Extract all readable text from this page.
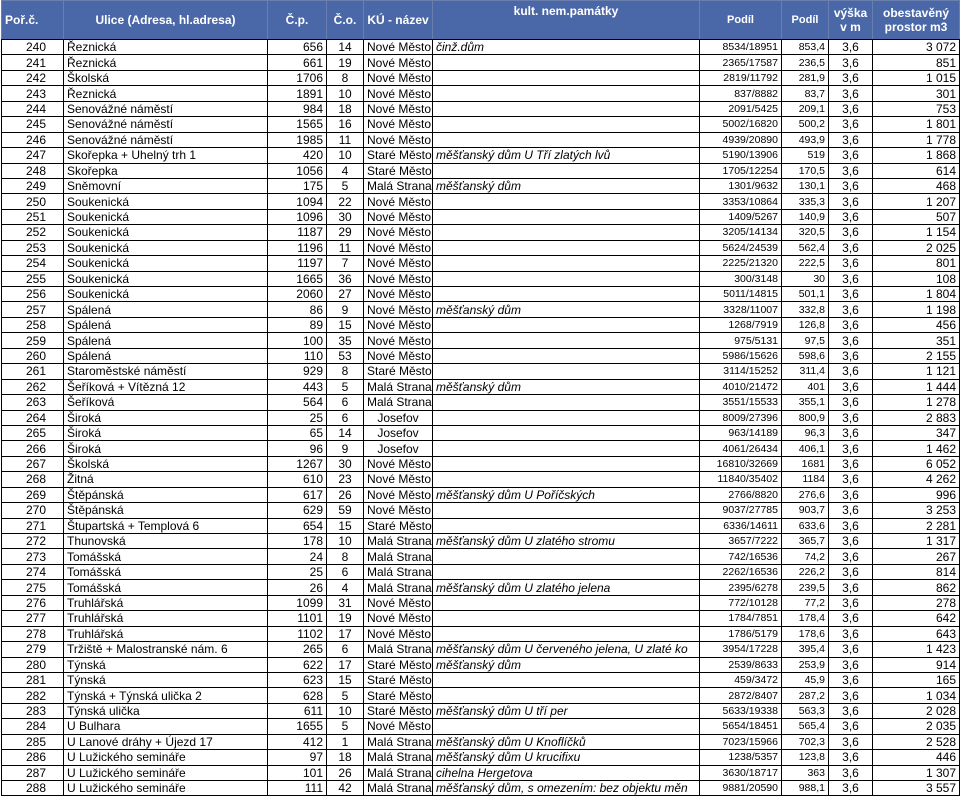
Poř.č.	Ulice (Adresa, hl.adresa)	Č.p.	Č.o.	KÚ - název	kult. nem.památky	Podíl	Podíl	výška v m	obestavěný prostor m3
240	Řeznická	656	14	Nové Město	činž.dům	8534/18951	853,4	3,6	3 072
241	Řeznická	661	19	Nové Město		2365/17587	236,5	3,6	851
242	Školská	1706	8	Nové Město		2819/11792	281,9	3,6	1 015
243	Řeznická	1891	10	Nové Město		837/8882	83,7	3,6	301
244	Senovážné náměstí	984	18	Nové Město		2091/5425	209,1	3,6	753
245	Senovážné náměstí	1565	16	Nové Město		5002/16820	500,2	3,6	1 801
246	Senovážné náměstí	1985	11	Nové Město		4939/20890	493,9	3,6	1 778
247	Skořepka + Uhelný trh 1	420	10	Staré Město	měšťanský dům U Tří zlatých lvů	5190/13906	519	3,6	1 868
248	Skořepka	1056	4	Staré Město		1705/12254	170,5	3,6	614
249	Sněmovní	175	5	Malá Strana	měšťanský dům	1301/9632	130,1	3,6	468
250	Soukenická	1094	22	Nové Město		3353/10864	335,3	3,6	1 207
251	Soukenická	1096	30	Nové Město		1409/5267	140,9	3,6	507
252	Soukenická	1187	29	Nové Město		3205/14134	320,5	3,6	1 154
253	Soukenická	1196	11	Nové Město		5624/24539	562,4	3,6	2 025
254	Soukenická	1197	7	Nové Město		2225/21320	222,5	3,6	801
255	Soukenická	1665	36	Nové Město		300/3148	30	3,6	108
256	Soukenická	2060	27	Nové Město		5011/14815	501,1	3,6	1 804
257	Spálená	86	9	Nové Město	měšťanský dům	3328/11007	332,8	3,6	1 198
258	Spálená	89	15	Nové Město		1268/7919	126,8	3,6	456
259	Spálená	100	35	Nové Město		975/5131	97,5	3,6	351
260	Spálená	110	53	Nové Město		5986/15626	598,6	3,6	2 155
261	Staroměstské náměstí	929	8	Staré Město		3114/15252	311,4	3,6	1 121
262	Šeříková + Vítězná 12	443	5	Malá Strana	měšťanský dům	4010/21472	401	3,6	1 444
263	Šeříková	564	6	Malá Strana		3551/15533	355,1	3,6	1 278
264	Široká	25	6	Josefov		8009/27396	800,9	3,6	2 883
265	Široká	65	14	Josefov		963/14189	96,3	3,6	347
266	Široká	96	9	Josefov		4061/26434	406,1	3,6	1 462
267	Školská	1267	30	Nové Město		16810/32669	1681	3,6	6 052
268	Žitná	610	23	Nové Město		11840/35402	1184	3,6	4 262
269	Štěpánská	617	26	Nové Město	měšťanský dům U Poříčských	2766/8820	276,6	3,6	996
270	Štěpánská	629	59	Nové Město		9037/27785	903,7	3,6	3 253
271	Štupartská + Templová 6	654	15	Staré Město		6336/14611	633,6	3,6	2 281
272	Thunovská	178	10	Malá Strana	měšťanský dům U zlatého stromu	3657/7222	365,7	3,6	1 317
273	Tomášská	24	8	Malá Strana		742/16536	74,2	3,6	267
274	Tomášská	25	6	Malá Strana		2262/16536	226,2	3,6	814
275	Tomášská	26	4	Malá Strana	měšťanský dům U zlatého jelena	2395/6278	239,5	3,6	862
276	Truhlářská	1099	31	Nové Město		772/10128	77,2	3,6	278
277	Truhlářská	1101	19	Nové Město		1784/7851	178,4	3,6	642
278	Truhlářská	1102	17	Nové Město		1786/5179	178,6	3,6	643
279	Tržiště + Malostranské nám. 6	265	6	Malá Strana	měšťanský dům U červeného jelena, U zlaté ko	3954/17228	395,4	3,6	1 423
280	Týnská	622	17	Staré Město	měšťanský dům	2539/8633	253,9	3,6	914
281	Týnská	623	15	Staré Město		459/3472	45,9	3,6	165
282	Týnská + Týnská ulička 2	628	5	Staré Město		2872/8407	287,2	3,6	1 034
283	Týnská ulička	611	10	Staré Město	měšťanský dům U tří per	5633/19338	563,3	3,6	2 028
284	U Bulhara	1655	5	Nové Město		5654/18451	565,4	3,6	2 035
285	U Lanové dráhy + Újezd 17	412	1	Malá Strana	měšťanský dům U Knoflíčků	7023/15966	702,3	3,6	2 528
286	U Lužického semináře	97	18	Malá Strana	měšťanský dům U krucifixu	1238/5357	123,8	3,6	446
287	U Lužického semináře	101	26	Malá Strana	cihelna Hergetova	3630/18717	363	3,6	1 307
288	U Lužického semináře	111	42	Malá Strana	měšťanský dům, s omezením: bez objektu měn	9881/20590	988,1	3,6	3 557
